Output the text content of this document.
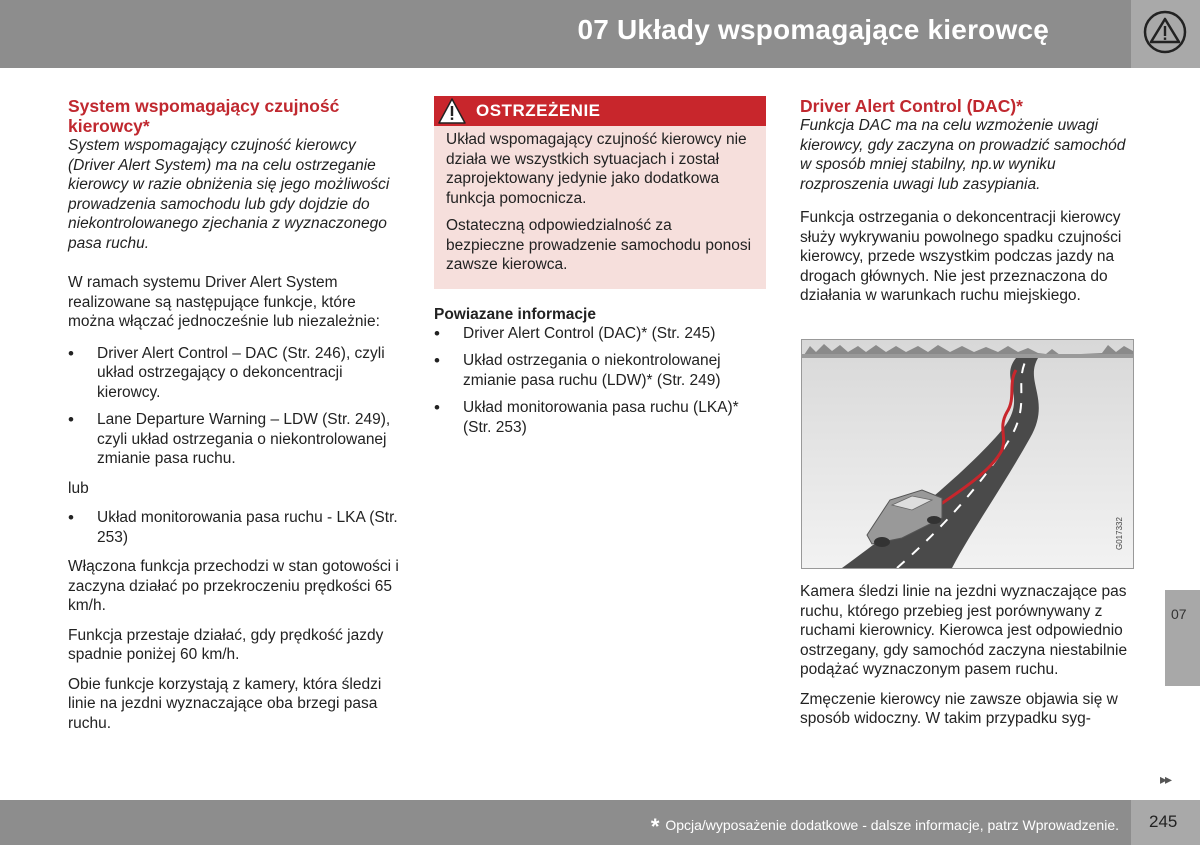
07 Układy wspomagające kierowcę
System wspomagający czujność kierowcy*

System wspomagający czujność kierowcy (Driver Alert System) ma na celu ostrzeganie kierowcy w razie obniżenia się jego możliwości prowadzenia samochodu lub gdy dojdzie do niekontrolowanego zjechania z wyznaczonego pasa ruchu.

W ramach systemu Driver Alert System realizowane są następujące funkcje, które można włączać jednocześnie lub niezależnie:

• Driver Alert Control – DAC (Str. 246), czyli układ ostrzegający o dekoncentracji kierowcy.
• Lane Departure Warning – LDW (Str. 249), czyli układ ostrzegania o niekontrolowanej zmianie pasa ruchu.

lub

• Układ monitorowania pasa ruchu - LKA (Str. 253)

Włączona funkcja przechodzi w stan gotowości i zaczyna działać po przekroczeniu prędkości 65 km/h.

Funkcja przestaje działać, gdy prędkość jazdy spadnie poniżej 60 km/h.

Obie funkcje korzystają z kamery, która śledzi linie na jezdni wyznaczające oba brzegi pasa ruchu.

OSTRZEŻENIE

Układ wspomagający czujność kierowcy nie działa we wszystkich sytuacjach i został zaprojektowany jedynie jako dodatkowa funkcja pomocnicza.

Ostateczną odpowiedzialność za bezpieczne prowadzenie samochodu ponosi zawsze kierowca.

Powiazane informacje
• Driver Alert Control (DAC)* (Str. 245)
• Układ ostrzegania o niekontrolowanej zmianie pasa ruchu (LDW)* (Str. 249)
• Układ monitorowania pasa ruchu (LKA)* (Str. 253)
Driver Alert Control (DAC)*

Funkcja DAC ma na celu wzmożenie uwagi kierowcy, gdy zaczyna on prowadzić samochód w sposób mniej stabilny, np.w wyniku rozproszenia uwagi lub zasypiania.

Funkcja ostrzegania o dekoncentracji kierowcy służy wykrywaniu powolnego spadku czujności kierowcy, przede wszystkim podczas jazdy na drogach głównych. Nie jest przeznaczona do działania w warunkach ruchu miejskiego.

G017332

Kamera śledzi linie na jezdni wyznaczające pas ruchu, którego przebieg jest porównywany z ruchami kierownicy. Kierowca jest odpowiednio ostrzegany, gdy samochód zaczyna niestabilnie podążać wyznaczonym pasem ruchu.

Zmęczenie kierowcy nie zawsze objawia się w sposób widoczny. W takim przypadku syg-

07
▸▸
* Opcja/wyposażenie dodatkowe - dalsze informacje, patrz Wprowadzenie. 245
